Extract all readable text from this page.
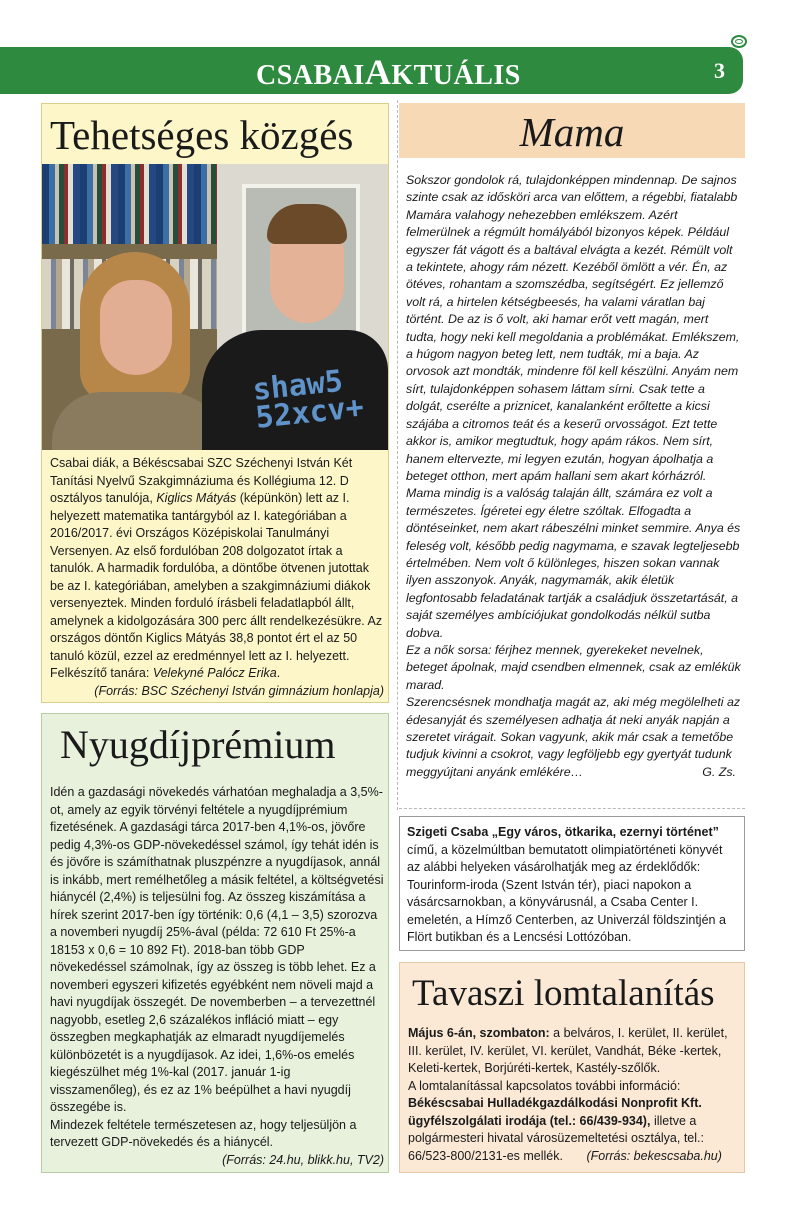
CSABAIAKTUÁLIS	3
Tehetséges közgés
shaw5 52xcv+

Csabai diák, a Békéscsabai SZC Széchenyi István Két Tanítási Nyelvű Szakgimnáziuma és Kollégiuma 12. D osztályos tanulója, Kiglics Mátyás (képünkön) lett az I. helyezett matematika tantárgyból az I. kategóriában a 2016/2017. évi Országos Középiskolai Tanulmányi Versenyen. Az első fordulóban 208 dolgozatot írtak a tanulók. A harmadik fordulóba, a döntőbe ötvenen jutottak be az I. kategóriában, amelyben a szakgimnáziumi diákok versenyeztek. Minden forduló írásbeli feladatlapból állt, amelynek a kidolgozására 300 perc állt rendelkezésükre. Az országos döntőn Kiglics Mátyás 38,8 pontot ért el az 50 tanuló közül, ezzel az eredménnyel lett az I. helyezett. Felkészítő tanára: Velekyné Palócz Erika.
(Forrás: BSC Széchenyi István gimnázium honlapja)

Nyugdíjprémium

Idén a gazdasági növekedés várhatóan meghaladja a 3,5%-ot, amely az egyik törvényi feltétele a nyugdíjprémium fizetésének. A gazdasági tárca 2017-ben 4,1%-os, jövőre pedig 4,3%-os GDP-növekedéssel számol, így tehát idén is és jövőre is számíthatnak pluszpénzre a nyugdíjasok, annál is inkább, mert remélhetőleg a másik feltétel, a költségvetési hiánycél (2,4%) is teljesülni fog. Az összeg kiszámítása a hírek szerint 2017-ben így történik: 0,6 (4,1 – 3,5) szorozva a novemberi nyugdíj 25%-ával (példa: 72 610 Ft 25%-a 18153 x 0,6 = 10 892 Ft). 2018-ban több GDP növekedéssel számolnak, így az összeg is több lehet. Ez a novemberi egyszeri kifizetés egyébként nem növeli majd a havi nyugdíjak összegét. De novemberben – a tervezettnél nagyobb, esetleg 2,6 százalékos infláció miatt – egy összegben megkaphatják az elmaradt nyugdíjemelés különbözetét is a nyugdíjasok. Az idei, 1,6%-os emelés kiegészülhet még 1%-kal (2017. január 1-ig visszamenőleg), és ez az 1% beépülhet a havi nyugdíj összegébe is.
Mindezek feltétele természetesen az, hogy teljesüljön a tervezett GDP-növekedés és a hiánycél.
(Forrás: 24.hu, blikk.hu, TV2)

Mama

Sokszor gondolok rá, tulajdonképpen mindennap. De sajnos szinte csak az idősköri arca van előttem, a régebbi, fiatalabb Mamára valahogy nehezebben emlékszem. Azért felmerülnek a régmúlt homályából bizonyos képek. Például egyszer fát vágott és a baltával elvágta a kezét. Rémült volt a tekintete, ahogy rám nézett. Kezéből ömlött a vér. Én, az ötéves, rohantam a szomszédba, segítségért. Ez jellemző volt rá, a hirtelen kétségbeesés, ha valami váratlan baj történt. De az is ő volt, aki hamar erőt vett magán, mert tudta, hogy neki kell megoldania a problémákat. Emlékszem, a húgom nagyon beteg lett, nem tudták, mi a baja. Az orvosok azt mondták, mindenre föl kell készülni. Anyám nem sírt, tulajdonképpen sohasem láttam sírni. Csak tette a dolgát, cserélte a priznicet, kanalanként erőltette a kicsi szájába a citromos teát és a keserű orvosságot. Ezt tette akkor is, amikor megtudtuk, hogy apám rákos. Nem sírt, hanem eltervezte, mi legyen ezután, hogyan ápolhatja a beteget otthon, mert apám hallani sem akart kórházról.

Mama mindig is a valóság talaján állt, számára ez volt a természetes. Ígéretei egy életre szóltak. Elfogadta a döntéseinket, nem akart rábeszélni minket semmire. Anya és feleség volt, később pedig nagymama, e szavak legteljesebb értelmében. Nem volt ő különleges, hiszen sokan vannak ilyen asszonyok. Anyák, nagymamák, akik életük legfontosabb feladatának tartják a családjuk összetartását, a saját személyes ambíciójukat gondolkodás nélkül sutba dobva.

Ez a nők sorsa: férjhez mennek, gyerekeket nevelnek, beteget ápolnak, majd csendben elmennek, csak az emlékük marad.

Szerencsésnek mondhatja magát az, aki még megölelheti az édesanyját és személyesen adhatja át neki anyák napján a szeretet virágait. Sokan vagyunk, akik már csak a temetőbe tudjuk kivinni a csokrot, vagy legföljebb egy gyertyát tudunk meggyújtani anyánk emlékére…	G. Zs.

Szigeti Csaba „Egy város, ötkarika, ezernyi történet” című, a közelmúltban bemutatott olimpiatörténeti könyvét az alábbi helyeken vásárolhatják meg az érdeklődők: Tourinform-iroda (Szent István tér), piaci napokon a vásárcsarnokban, a könyvárusnál, a Csaba Center I. emeletén, a Hímző Centerben, az Univerzál földszintjén a Flört butikban és a Lencsési Lottózóban.

Tavaszi lomtalanítás

Május 6-án, szombaton: a belváros, I. kerület, II. kerület, III. kerület, IV. kerület, VI. kerület, Vandhát, Béke -kertek, Keleti-kertek, Borjúréti-kertek, Kastély-szőlők.
A lomtalanítással kapcsolatos további információ:
Békéscsabai Hulladékgazdálkodási Nonprofit Kft. ügyfélszolgálati irodája (tel.: 66/439-934), illetve a polgármesteri hivatal városüzemeltetési osztálya, tel.: 66/523-800/2131-es mellék. (Forrás: bekescsaba.hu)
